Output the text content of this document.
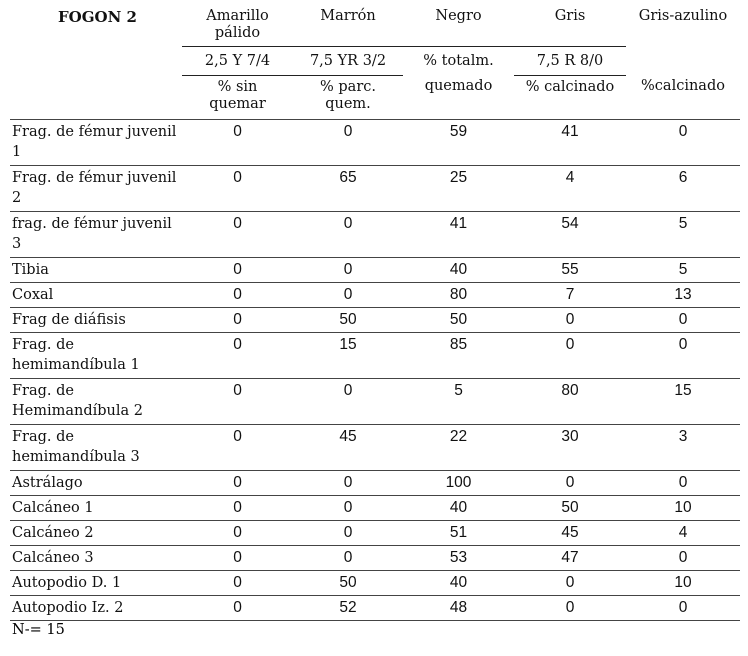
FOGON 2	Amarillo pálido	Marrón	Negro	Gris	Gris-azulino
	2,5 Y 7/4	7,5 YR 3/2	% totalm.	7,5 R 8/0	
	% sin quemar	% parc. quem.	quemado	% calcinado	%calcinado
Frag. de fémur juvenil 1	0	0	59	41	0
Frag. de fémur juvenil 2	0	65	25	4	6
frag. de fémur juvenil 3	0	0	41	54	5
Tibia	0	0	40	55	5
Coxal	0	0	80	7	13
Frag de diáfisis	0	50	50	0	0
Frag. de hemimandíbula 1	0	15	85	0	0
Frag. de Hemimandíbula 2	0	0	5	80	15
Frag. de hemimandíbula 3	0	45	22	30	3
Astrálago	0	0	100	0	0
Calcáneo 1	0	0	40	50	10
Calcáneo 2	0	0	51	45	4
Calcáneo 3	0	0	53	47	0
Autopodio D. 1	0	50	40	0	10
Autopodio Iz. 2	0	52	48	0	0
N-= 15
